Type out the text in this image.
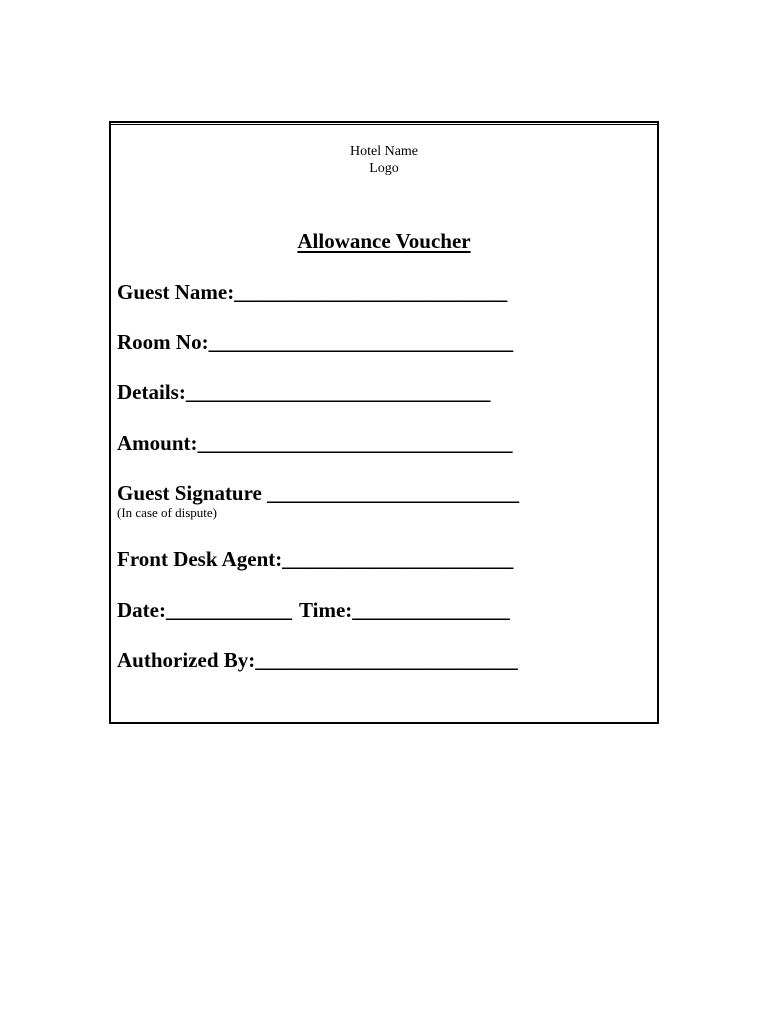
Hotel Name
Logo
Allowance Voucher
Guest Name:__________________________
Room No:_____________________________
Details:_____________________________
Amount:______________________________
Guest Signature ________________________
(In case of dispute)
Front Desk Agent:______________________
Date:____________ Time:_______________
Authorized By:_________________________
